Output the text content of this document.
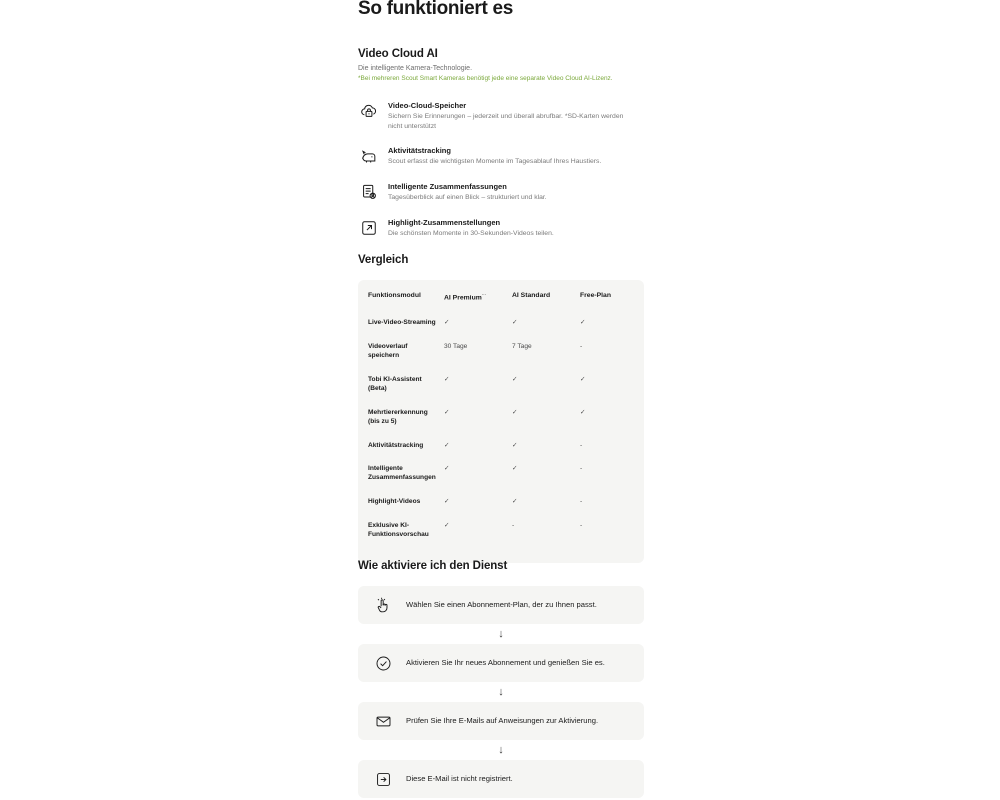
So funktioniert es
Video Cloud AI

Die intelligente Kamera-Technologie.

*Bei mehreren Scout Smart Kameras benötigt jede eine separate Video Cloud AI-Lizenz.

Video-Cloud-Speicher

Sichern Sie Erinnerungen – jederzeit und überall abrufbar. *SD-Karten werden nicht unterstützt

Aktivitätstracking

Scout erfasst die wichtigsten Momente im Tagesablauf Ihres Haustiers.

Intelligente Zusammenfassungen

Tagesüberblick auf einen Blick – strukturiert und klar.

Highlight-Zusammenstellungen

Die schönsten Momente in 30-Sekunden-Videos teilen.

Vergleich
Funktionsmodul	AI Premium···	AI Standard	Free-Plan
Live-Video-Streaming	✓	✓	✓
Videoverlauf speichern	30 Tage	7 Tage	-
Tobi KI-Assistent (Beta)	✓	✓	✓
Mehrtiererkennung (bis zu 5)	✓	✓	✓
Aktivitätstracking	✓	✓	-
Intelligente Zusammenfassungen	✓	✓	-
Highlight-Videos	✓	✓	-
Exklusive KI-Funktionsvorschau	✓	-	-
Wie aktiviere ich den Dienst
Wählen Sie einen Abonnement-Plan, der zu Ihnen passt.
↓
Aktivieren Sie Ihr neues Abonnement und genießen Sie es.
↓
Prüfen Sie Ihre E-Mails auf Anweisungen zur Aktivierung.
↓
Diese E-Mail ist nicht registriert.
